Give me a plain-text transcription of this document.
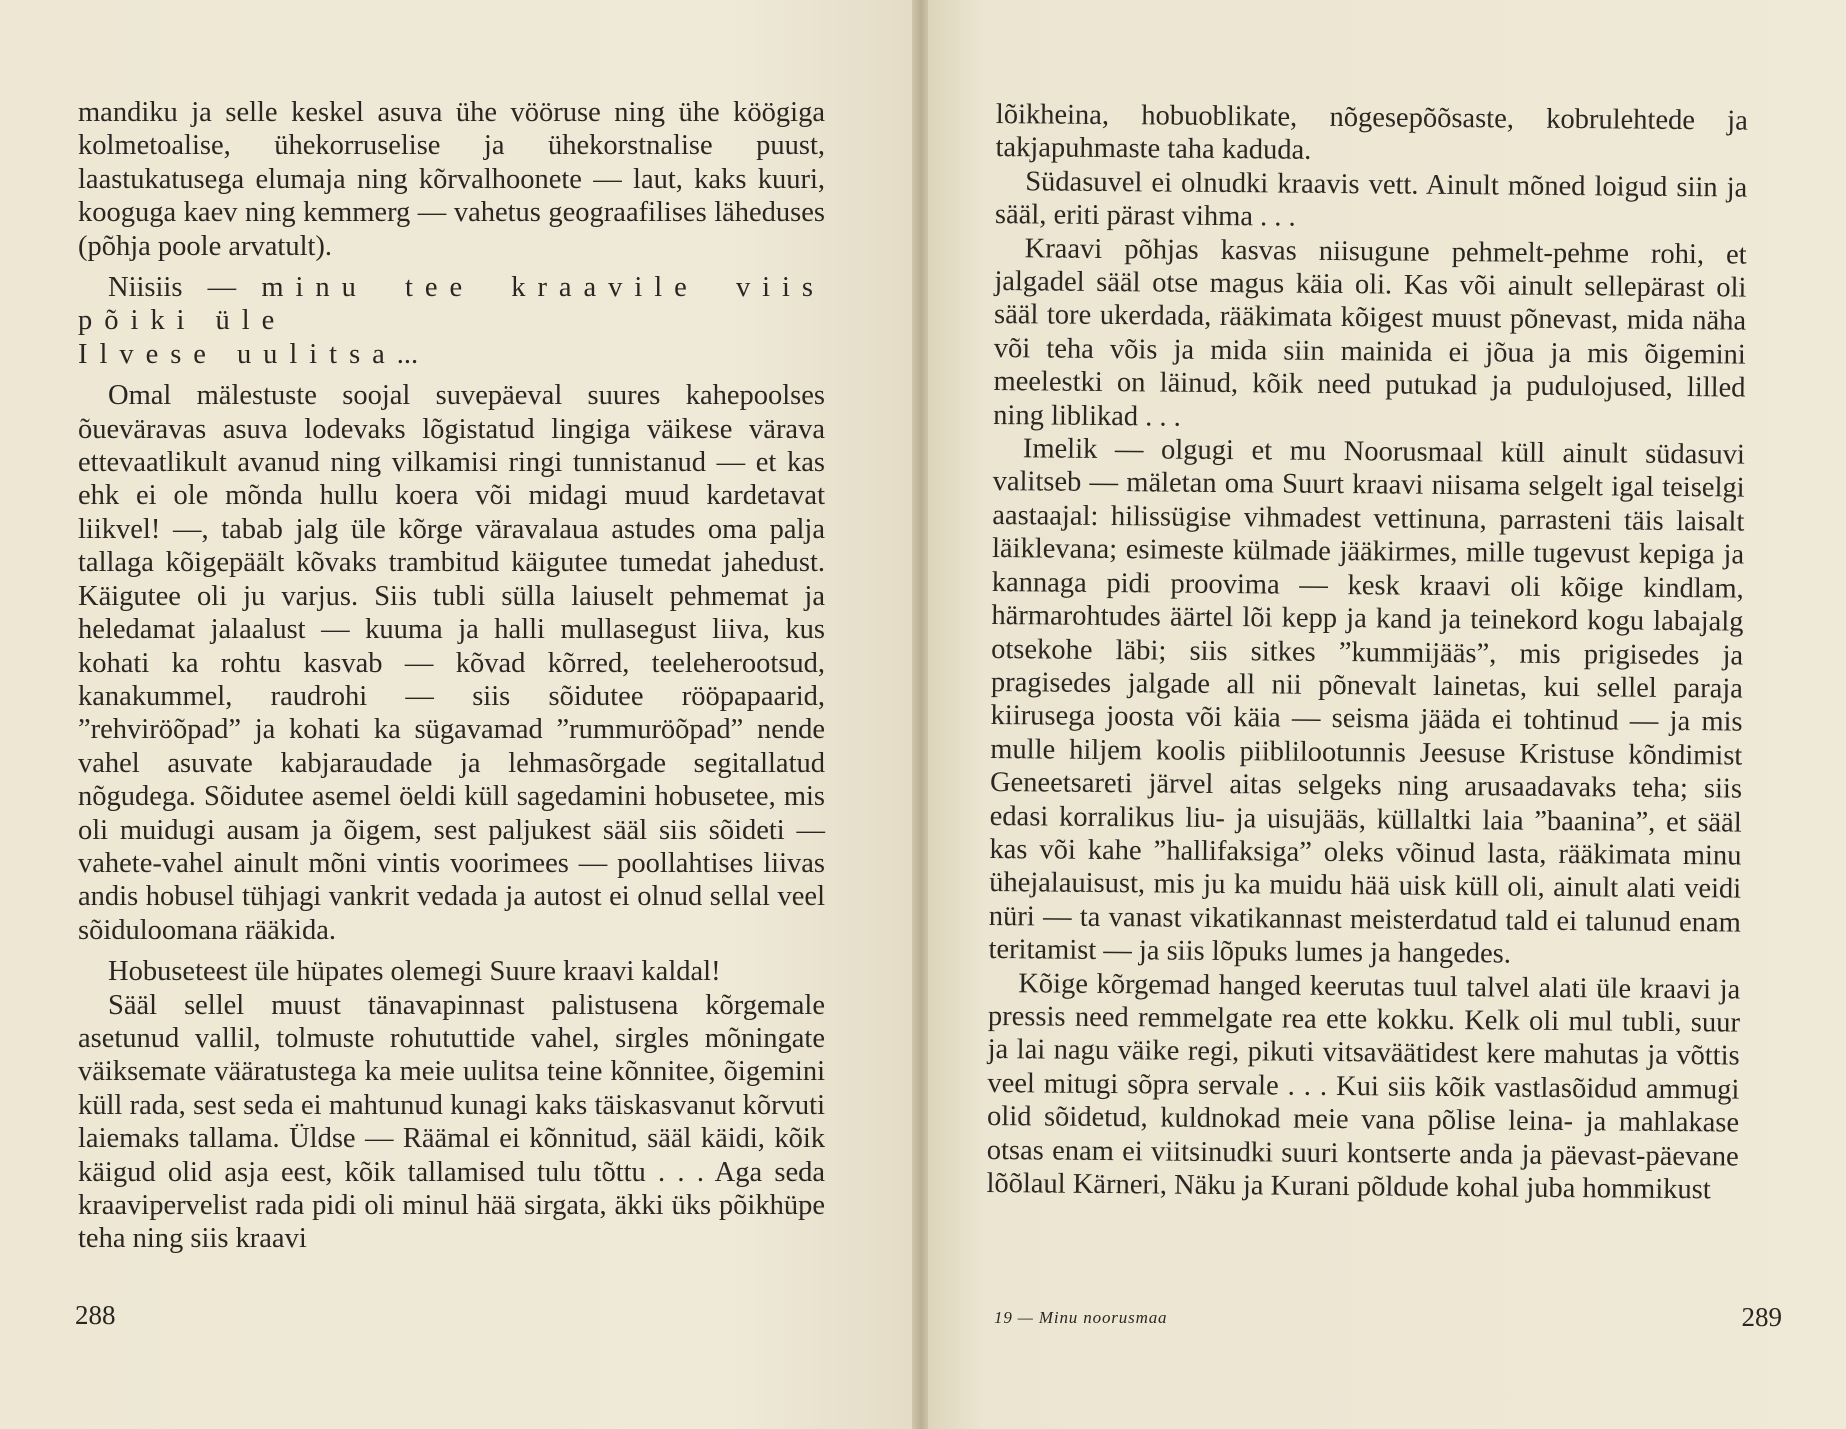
mandiku ja selle keskel asuva ühe vööruse ning ühe köögiga kolmetoalise, ühekorruselise ja ühekorstnalise puust, laastukatusega elumaja ning kõrvalhoonete — laut, kaks kuuri, kooguga kaev ning kemmerg — vahetus geograafilises läheduses (põhja poole arvatult).

Niisiis — minu tee kraavile viis põiki üle
Ilvese uulitsa...

Omal mälestuste soojal suvepäeval suures kahepoolses õueväravas asuva lodevaks lõgistatud lingiga väikese värava ettevaatlikult avanud ning vilkamisi ringi tunnistanud — et kas ehk ei ole mõnda hullu koera või midagi muud kardetavat liikvel! —, tabab jalg üle kõrge väravalaua astudes oma palja tallaga kõigepäält kõvaks trambitud käigutee tumedat jahedust. Käigutee oli ju varjus. Siis tubli sülla laiuselt pehmemat ja heledamat jalaalust — kuuma ja halli mullasegust liiva, kus kohati ka rohtu kasvab — kõvad kõrred, teeleherootsud, kanakummel, raudrohi — siis sõidutee rööpapaarid, ”rehviröõpad” ja kohati ka sügavamad ”rummuröõpad” nende vahel asuvate kabjaraudade ja lehmasõrgade segitallatud nõgudega. Sõidutee asemel öeldi küll sagedamini hobusetee, mis oli muidugi ausam ja õigem, sest paljukest sääl siis sõideti — vahete-vahel ainult mõni vintis voorimees — poollahtises liivas andis hobusel tühjagi vankrit vedada ja autost ei olnud sellal veel sõiduloomana rääkida.

Hobuseteest üle hüpates olemegi Suure kraavi kaldal!

Sääl sellel muust tänavapinnast palistusena kõrgemale asetunud vallil, tolmuste rohututtide vahel, sirgles mõningate väiksemate vääratustega ka meie uulitsa teine kõnnitee, õigemini küll rada, sest seda ei mahtunud kunagi kaks täiskasvanut kõrvuti laiemaks tallama. Üldse — Räämal ei kõnnitud, sääl käidi, kõik käigud olid asja eest, kõik tallamised tulu tõttu . . . Aga seda kraavipervelist rada pidi oli minul hää sirgata, äkki üks põikhüpe teha ning siis kraavi

288

lõikheina, hobuoblikate, nõgesepõõsaste, kobrulehtede ja takjapuhmaste taha kaduda.

Südasuvel ei olnudki kraavis vett. Ainult mõned loigud siin ja sääl, eriti pärast vihma . . .

Kraavi põhjas kasvas niisugune pehmelt-pehme rohi, et jalgadel sääl otse magus käia oli. Kas või ainult sellepärast oli sääl tore ukerdada, rääkimata kõigest muust põnevast, mida näha või teha võis ja mida siin mainida ei jõua ja mis õigemini meelestki on läinud, kõik need putukad ja pudulojused, lilled ning liblikad . . .

Imelik — olgugi et mu Noorusmaal küll ainult südasuvi valitseb — mäletan oma Suurt kraavi niisama selgelt igal teiselgi aastaajal: hilissügise vihmadest vettinuna, parrasteni täis laisalt läiklevana; esimeste külmade jääkirmes, mille tugevust kepiga ja kannaga pidi proovima — kesk kraavi oli kõige kindlam, härmarohtudes äärtel lõi kepp ja kand ja teinekord kogu labajalg otsekohe läbi; siis sitkes ”kummijääs”, mis prigisedes ja pragisedes jalgade all nii põnevalt lainetas, kui sellel paraja kiirusega joosta või käia — seisma jääda ei tohtinud — ja mis mulle hiljem koolis piiblilootunnis Jeesuse Kristuse kõndimist Geneetsareti järvel aitas selgeks ning arusaadavaks teha; siis edasi korralikus liu- ja uisujääs, küllaltki laia ”baanina”, et sääl kas või kahe ”hallifaksiga” oleks võinud lasta, rääkimata minu ühejalauisust, mis ju ka muidu hää uisk küll oli, ainult alati veidi nüri — ta vanast vikatikannast meisterdatud tald ei talunud enam teritamist — ja siis lõpuks lumes ja hangedes.

Kõige kõrgemad hanged keerutas tuul talvel alati üle kraavi ja pressis need remmelgate rea ette kokku. Kelk oli mul tubli, suur ja lai nagu väike regi, pikuti vitsaväätidest kere mahutas ja võttis veel mitugi sõpra servale . . . Kui siis kõik vastlasõidud ammugi olid sõidetud, kuldnokad meie vana põlise leina- ja mahlakase otsas enam ei viitsinudki suuri kontserte anda ja päevast-päevane lõõlaul Kärneri, Näku ja Kurani põldude kohal juba hommikust

19 — Minu noorusmaa	289
